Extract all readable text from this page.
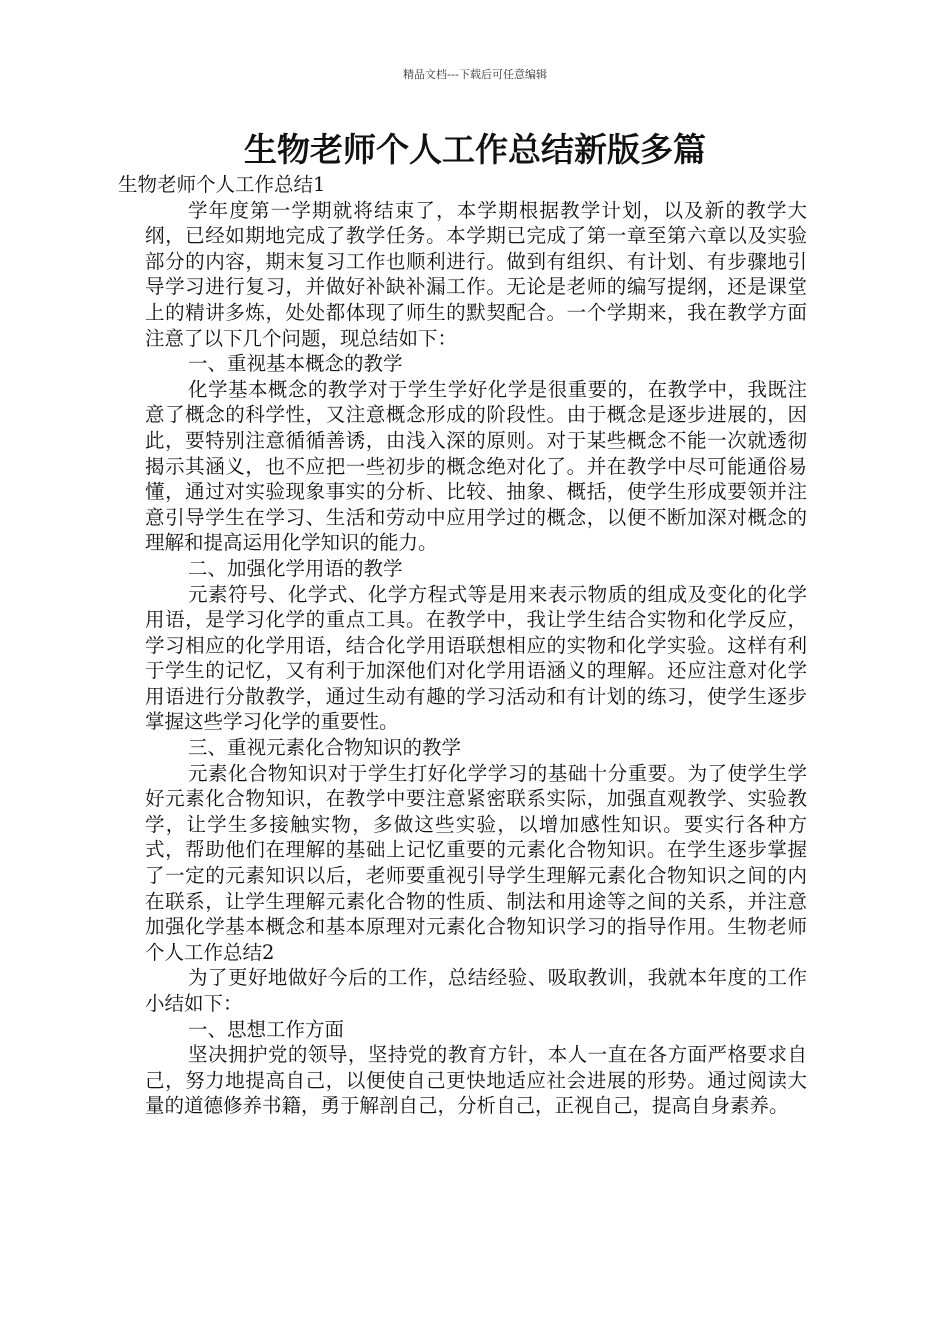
精品文档---下载后可任意编辑
生物老师个人工作总结新版多篇

生物老师个人工作总结1

学年度第一学期就将结束了，本学期根据教学计划，以及新的教学大纲，已经如期地完成了教学任务。本学期已完成了第一章至第六章以及实验部分的内容，期末复习工作也顺利进行。做到有组织、有计划、有步骤地引导学习进行复习，并做好补缺补漏工作。无论是老师的编写提纲，还是课堂上的精讲多炼，处处都体现了师生的默契配合。一个学期来，我在教学方面注意了以下几个问题，现总结如下：

一、重视基本概念的教学

化学基本概念的教学对于学生学好化学是很重要的，在教学中，我既注意了概念的科学性，又注意概念形成的阶段性。由于概念是逐步进展的，因此，要特别注意循循善诱，由浅入深的原则。对于某些概念不能一次就透彻揭示其涵义，也不应把一些初步的概念绝对化了。并在教学中尽可能通俗易懂，通过对实验现象事实的分析、比较、抽象、概括，使学生形成要领并注意引导学生在学习、生活和劳动中应用学过的概念，以便不断加深对概念的理解和提高运用化学知识的能力。

二、加强化学用语的教学

元素符号、化学式、化学方程式等是用来表示物质的组成及变化的化学用语，是学习化学的重点工具。在教学中，我让学生结合实物和化学反应，学习相应的化学用语，结合化学用语联想相应的实物和化学实验。这样有利于学生的记忆，又有利于加深他们对化学用语涵义的理解。还应注意对化学用语进行分散教学，通过生动有趣的学习活动和有计划的练习，使学生逐步掌握这些学习化学的重要性。

三、重视元素化合物知识的教学

元素化合物知识对于学生打好化学学习的基础十分重要。为了使学生学好元素化合物知识，在教学中要注意紧密联系实际，加强直观教学、实验教学，让学生多接触实物，多做这些实验，以增加感性知识。要实行各种方式，帮助他们在理解的基础上记忆重要的元素化合物知识。在学生逐步掌握了一定的元素知识以后，老师要重视引导学生理解元素化合物知识之间的内在联系，让学生理解元素化合物的性质、制法和用途等之间的关系，并注意加强化学基本概念和基本原理对元素化合物知识学习的指导作用。生物老师个人工作总结2

为了更好地做好今后的工作，总结经验、吸取教训，我就本年度的工作小结如下：

一、思想工作方面

坚决拥护党的领导，坚持党的教育方针，本人一直在各方面严格要求自己，努力地提高自己，以便使自己更快地适应社会进展的形势。通过阅读大量的道德修养书籍，勇于解剖自己，分析自己，正视自己，提高自身素养。
